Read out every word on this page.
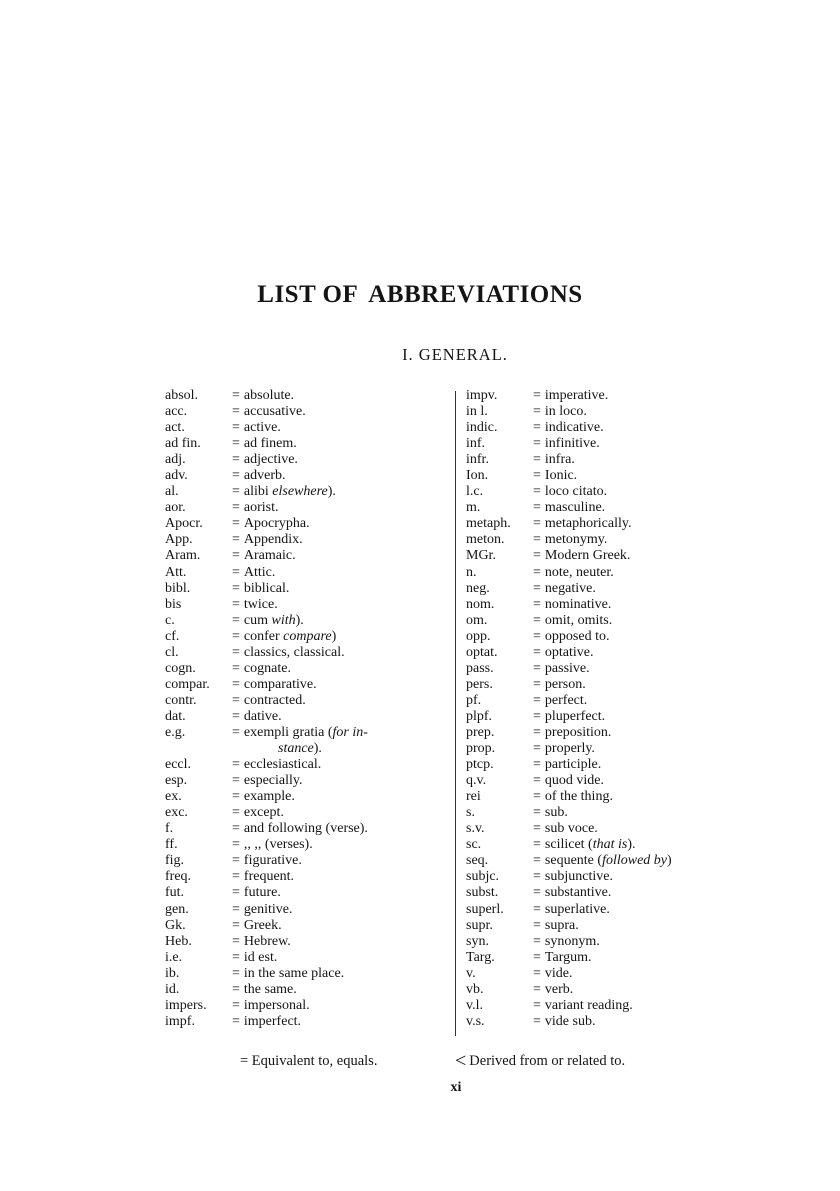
LIST OF ABBREVIATIONS
I. GENERAL.
absol.	= absolute.
acc.	= accusative.
act.	= active.
ad fin.	= ad finem.
adj.	= adjective.
adv.	= adverb.
al.	= alibi elsewhere).
aor.	= aorist.
Apocr.	= Apocrypha.
App.	= Appendix.
Aram.	= Aramaic.
Att.	= Attic.
bibl.	= biblical.
bis	= twice.
c.	= cum with).
cf.	= confer compare)
cl.	= classics, classical.
cogn.	= cognate.
compar.	= comparative.
contr.	= contracted.
dat.	= dative.
e.g.	= exempli gratia (for in-
stance).
eccl.	= ecclesiastical.
esp.	= especially.
ex.	= example.
exc.	= except.
f.	= and following (verse).
ff.	= ,, ,, (verses).
fig.	= figurative.
freq.	= frequent.
fut.	= future.
gen.	= genitive.
Gk.	= Greek.
Heb.	= Hebrew.
i.e.	= id est.
ib.	= in the same place.
id.	= the same.
impers.	= impersonal.
impf.	= imperfect.
impv.	= imperative.
in l.	= in loco.
indic.	= indicative.
inf.	= infinitive.
infr.	= infra.
Ion.	= Ionic.
l.c.	= loco citato.
m.	= masculine.
metaph.	= metaphorically.
meton.	= metonymy.
MGr.	= Modern Greek.
n.	= note, neuter.
neg.	= negative.
nom.	= nominative.
om.	= omit, omits.
opp.	= opposed to.
optat.	= optative.
pass.	= passive.
pers.	= person.
pf.	= perfect.
plpf.	= pluperfect.
prep.	= preposition.
prop.	= properly.
ptcp.	= participle.
q.v.	= quod vide.
rei	= of the thing.
s.	= sub.
s.v.	= sub voce.
sc.	= scilicet (that is).
seq.	= sequente (followed by)
subjc.	= subjunctive.
subst.	= substantive.
superl.	= superlative.
supr.	= supra.
syn.	= synonym.
Targ.	= Targum.
v.	= vide.
vb.	= verb.
v.l.	= variant reading.
v.s.	= vide sub.
= Equivalent to, equals.	< Derived from or related to.
xi
